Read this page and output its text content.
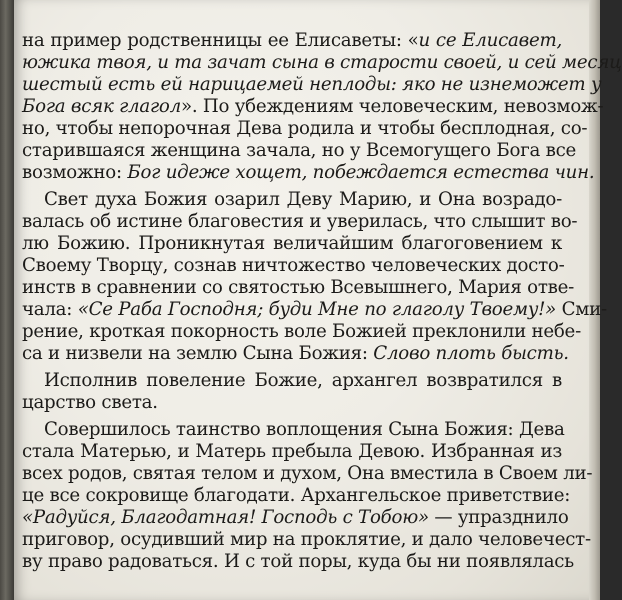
на пример родственницы ее Елисаветы: «и се Елисавет,
южика твоя, и та зачат сына в старости своей, и сей месяц
шестый есть ей нарицаемей неплоды: яко не изнеможет у
Бога всяк глагол». По убеждениям человеческим, невозмож-
но, чтобы непорочная Дева родила и чтобы бесплодная, со-
старившаяся женщина зачала, но у Всемогущего Бога все
возможно: Бог идеже хощет, побеждается естества чин.
Свет духа Божия озарил Деву Марию, и Она возрадо-
валась об истине благовестия и уверилась, что слышит во-
лю Божию. Проникнутая величайшим благоговением к
Своему Творцу, сознав ничтожество человеческих досто-
инств в сравнении со святостью Всевышнего, Мария отве-
чала: «Се Раба Господня; буди Мне по глаголу Твоему!» Сми-
рение, кроткая покорность воле Божией преклонили небе-
са и низвели на землю Сына Божия: Слово плоть бысть.
Исполнив повеление Божие, архангел возвратился в
царство света.
Совершилось таинство воплощения Сына Божия: Дева
стала Матерью, и Матерь пребыла Девою. Избранная из
всех родов, святая телом и духом, Она вместила в Своем ли-
це все сокровище благодати. Архангельское приветствие:
«Радуйся, Благодатная! Господь с Тобою» — упразднило
приговор, осудивший мир на проклятие, и дало человечест-
ву право радоваться. И с той поры, куда бы ни появлялась
